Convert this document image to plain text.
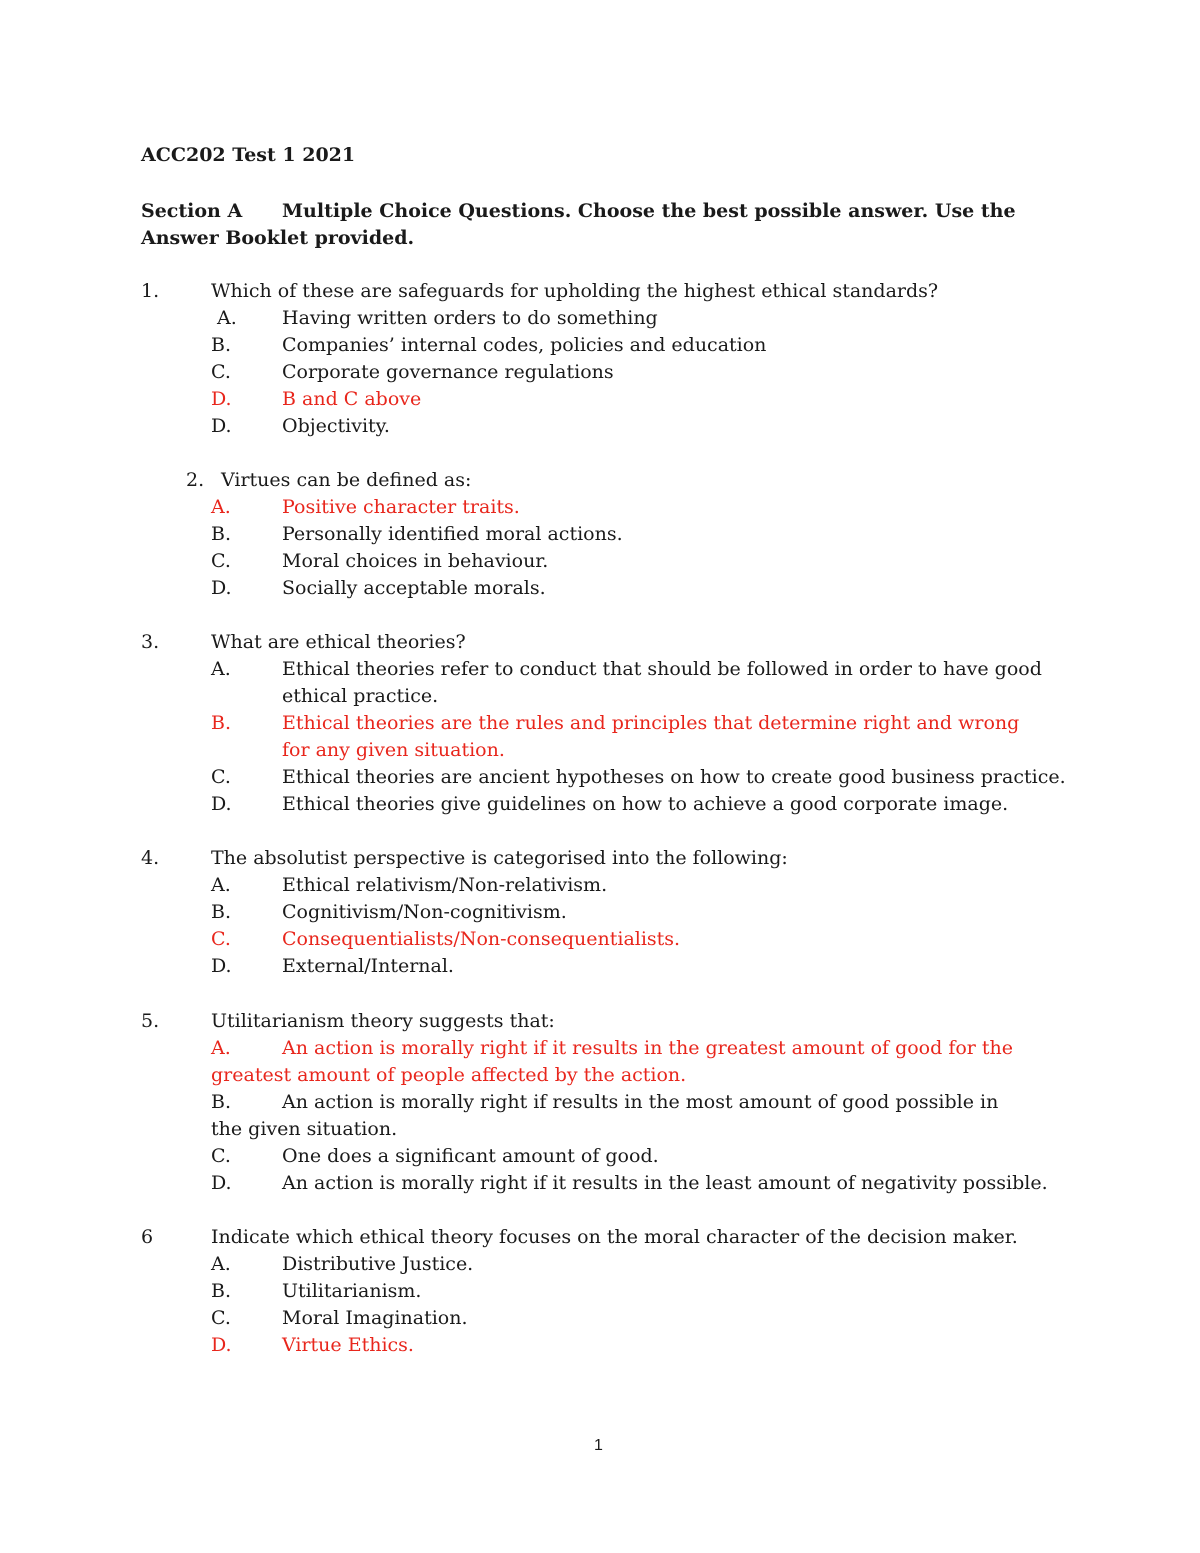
ACC202 Test 1 2021
Section A Multiple Choice Questions. Choose the best possible answer. Use the Answer Booklet provided.
1.	Which of these are safeguards for upholding the highest ethical standards?
A. Having written orders to do something
B.	Companies’ internal codes, policies and education
C.	Corporate governance regulations
D.	B and C above
D.	Objectivity.
2. Virtues can be defined as:
A.	Positive character traits.
B.	Personally identified moral actions.
C.	Moral choices in behaviour.
D.	Socially acceptable morals.
3.	What are ethical theories?
A.	Ethical theories refer to conduct that should be followed in order to have good ethical practice.
B.	Ethical theories are the rules and principles that determine right and wrong for any given situation.
C.	Ethical theories are ancient hypotheses on how to create good business practice.
D.	Ethical theories give guidelines on how to achieve a good corporate image.
4.	The absolutist perspective is categorised into the following:
A.	Ethical relativism/Non-relativism.
B.	Cognitivism/Non-cognitivism.
C.	Consequentialists/Non-consequentialists.
D.	External/Internal.
5.	Utilitarianism theory suggests that:
A.	An action is morally right if it results in the greatest amount of good for the greatest amount of people affected by the action.
B.	An action is morally right if results in the most amount of good possible in the given situation.
C.	One does a significant amount of good.
D.	An action is morally right if it results in the least amount of negativity possible.
6	Indicate which ethical theory focuses on the moral character of the decision maker.
A.	Distributive Justice.
B.	Utilitarianism.
C.	Moral Imagination.
D.	Virtue Ethics.
1
